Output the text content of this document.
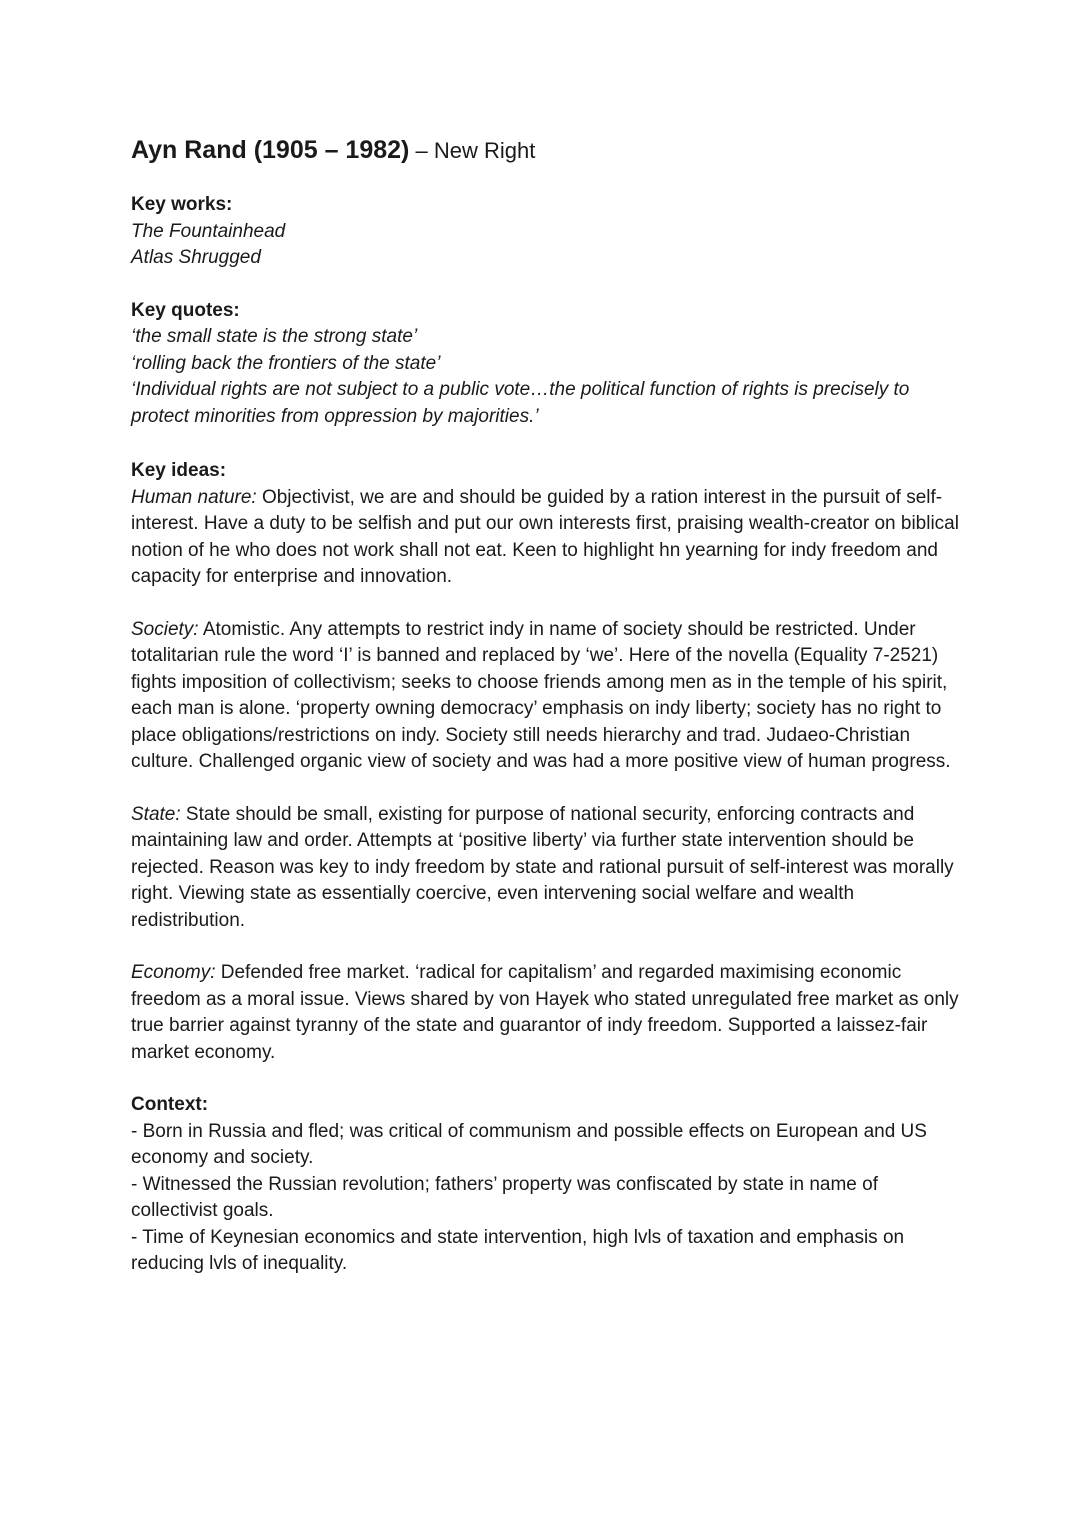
Ayn Rand (1905 – 1982) – New Right
Key works:
The Fountainhead
Atlas Shrugged
Key quotes:
‘the small state is the strong state’
‘rolling back the frontiers of the state’
‘Individual rights are not subject to a public vote…the political function of rights is precisely to protect minorities from oppression by majorities.’
Key ideas:
Human nature: Objectivist, we are and should be guided by a ration interest in the pursuit of self-interest. Have a duty to be selfish and put our own interests first, praising wealth-creator on biblical notion of he who does not work shall not eat. Keen to highlight hn yearning for indy freedom and capacity for enterprise and innovation.
Society: Atomistic. Any attempts to restrict indy in name of society should be restricted. Under totalitarian rule the word ‘I’ is banned and replaced by ‘we’. Here of the novella (Equality 7-2521) fights imposition of collectivism; seeks to choose friends among men as in the temple of his spirit, each man is alone. ‘property owning democracy’ emphasis on indy liberty; society has no right to place obligations/restrictions on indy. Society still needs hierarchy and trad. Judaeo-Christian culture. Challenged organic view of society and was had a more positive view of human progress.
State: State should be small, existing for purpose of national security, enforcing contracts and maintaining law and order. Attempts at ‘positive liberty’ via further state intervention should be rejected. Reason was key to indy freedom by state and rational pursuit of self-interest was morally right. Viewing state as essentially coercive, even intervening social welfare and wealth redistribution.
Economy: Defended free market. ‘radical for capitalism’ and regarded maximising economic freedom as a moral issue. Views shared by von Hayek who stated unregulated free market as only true barrier against tyranny of the state and guarantor of indy freedom. Supported a laissez-fair market economy.
Context:
- Born in Russia and fled; was critical of communism and possible effects on European and US economy and society.
- Witnessed the Russian revolution; fathers’ property was confiscated by state in name of collectivist goals.
- Time of Keynesian economics and state intervention, high lvls of taxation and emphasis on reducing lvls of inequality.
